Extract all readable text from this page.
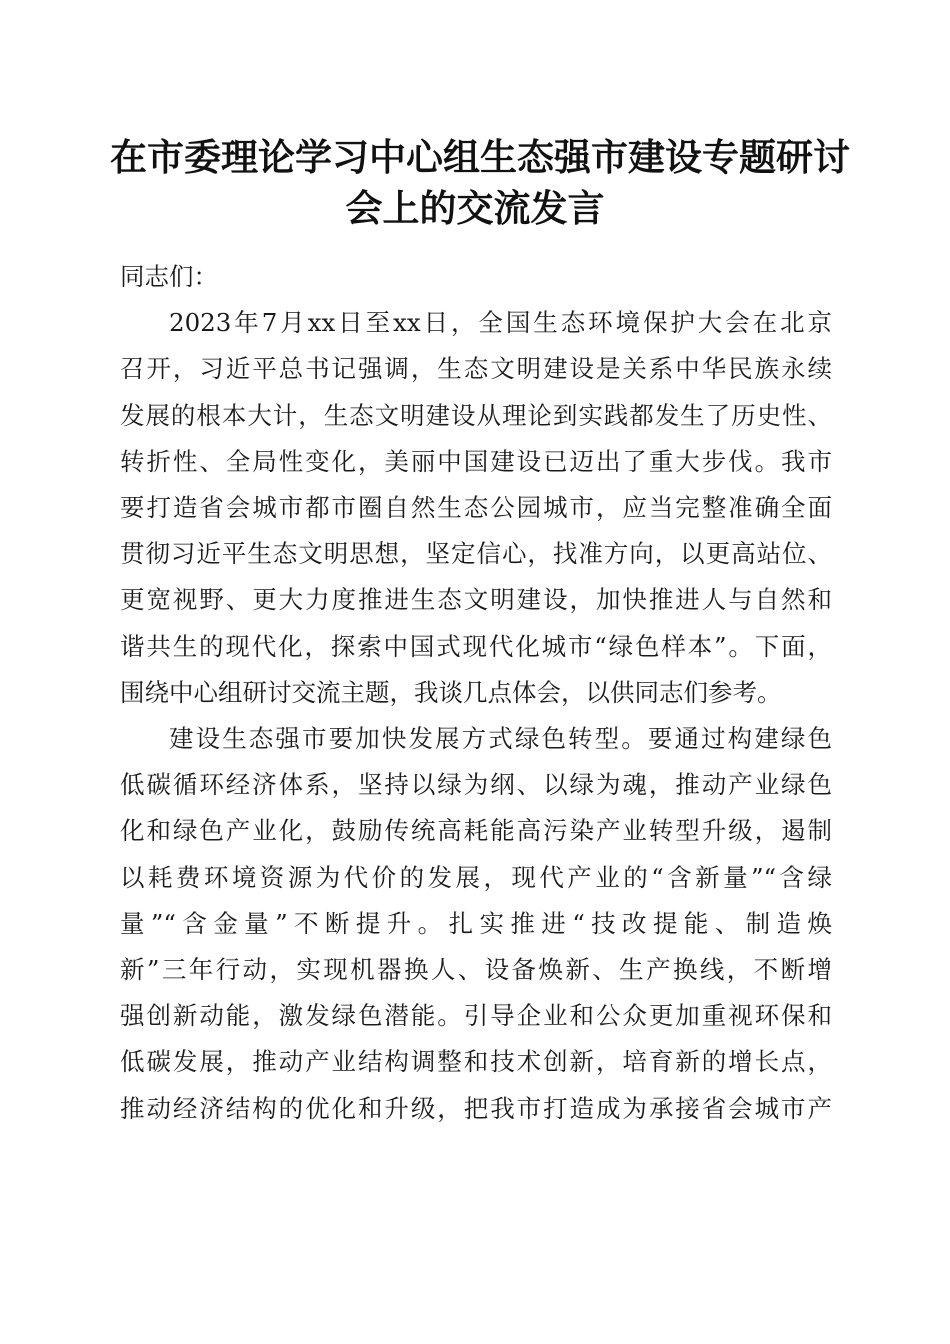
在市委理论学习中心组生态强市建设专题研讨
会上的交流发言

同志们：

2023年7月xx日至xx日，全国生态环境保护大会在北京
召开，习近平总书记强调，生态文明建设是关系中华民族永续
发展的根本大计，生态文明建设从理论到实践都发生了历史性、
转折性、全局性变化，美丽中国建设已迈出了重大步伐。我市
要打造省会城市都市圈自然生态公园城市，应当完整准确全面
贯彻习近平生态文明思想，坚定信心，找准方向，以更高站位、
更宽视野、更大力度推进生态文明建设，加快推进人与自然和
谐共生的现代化，探索中国式现代化城市“绿色样本”。下面，
围绕中心组研讨交流主题，我谈几点体会，以供同志们参考。

建设生态强市要加快发展方式绿色转型。要通过构建绿色
低碳循环经济体系，坚持以绿为纲、以绿为魂，推动产业绿色
化和绿色产业化，鼓励传统高耗能高污染产业转型升级，遏制
以耗费环境资源为代价的发展，现代产业的“含新量”“含绿
量”“含金量”不断提升。扎实推进“技改提能、制造焕
新”三年行动，实现机器换人、设备焕新、生产换线，不断增
强创新动能，激发绿色潜能。引导企业和公众更加重视环保和
低碳发展，推动产业结构调整和技术创新，培育新的增长点，
推动经济结构的优化和升级，把我市打造成为承接省会城市产
